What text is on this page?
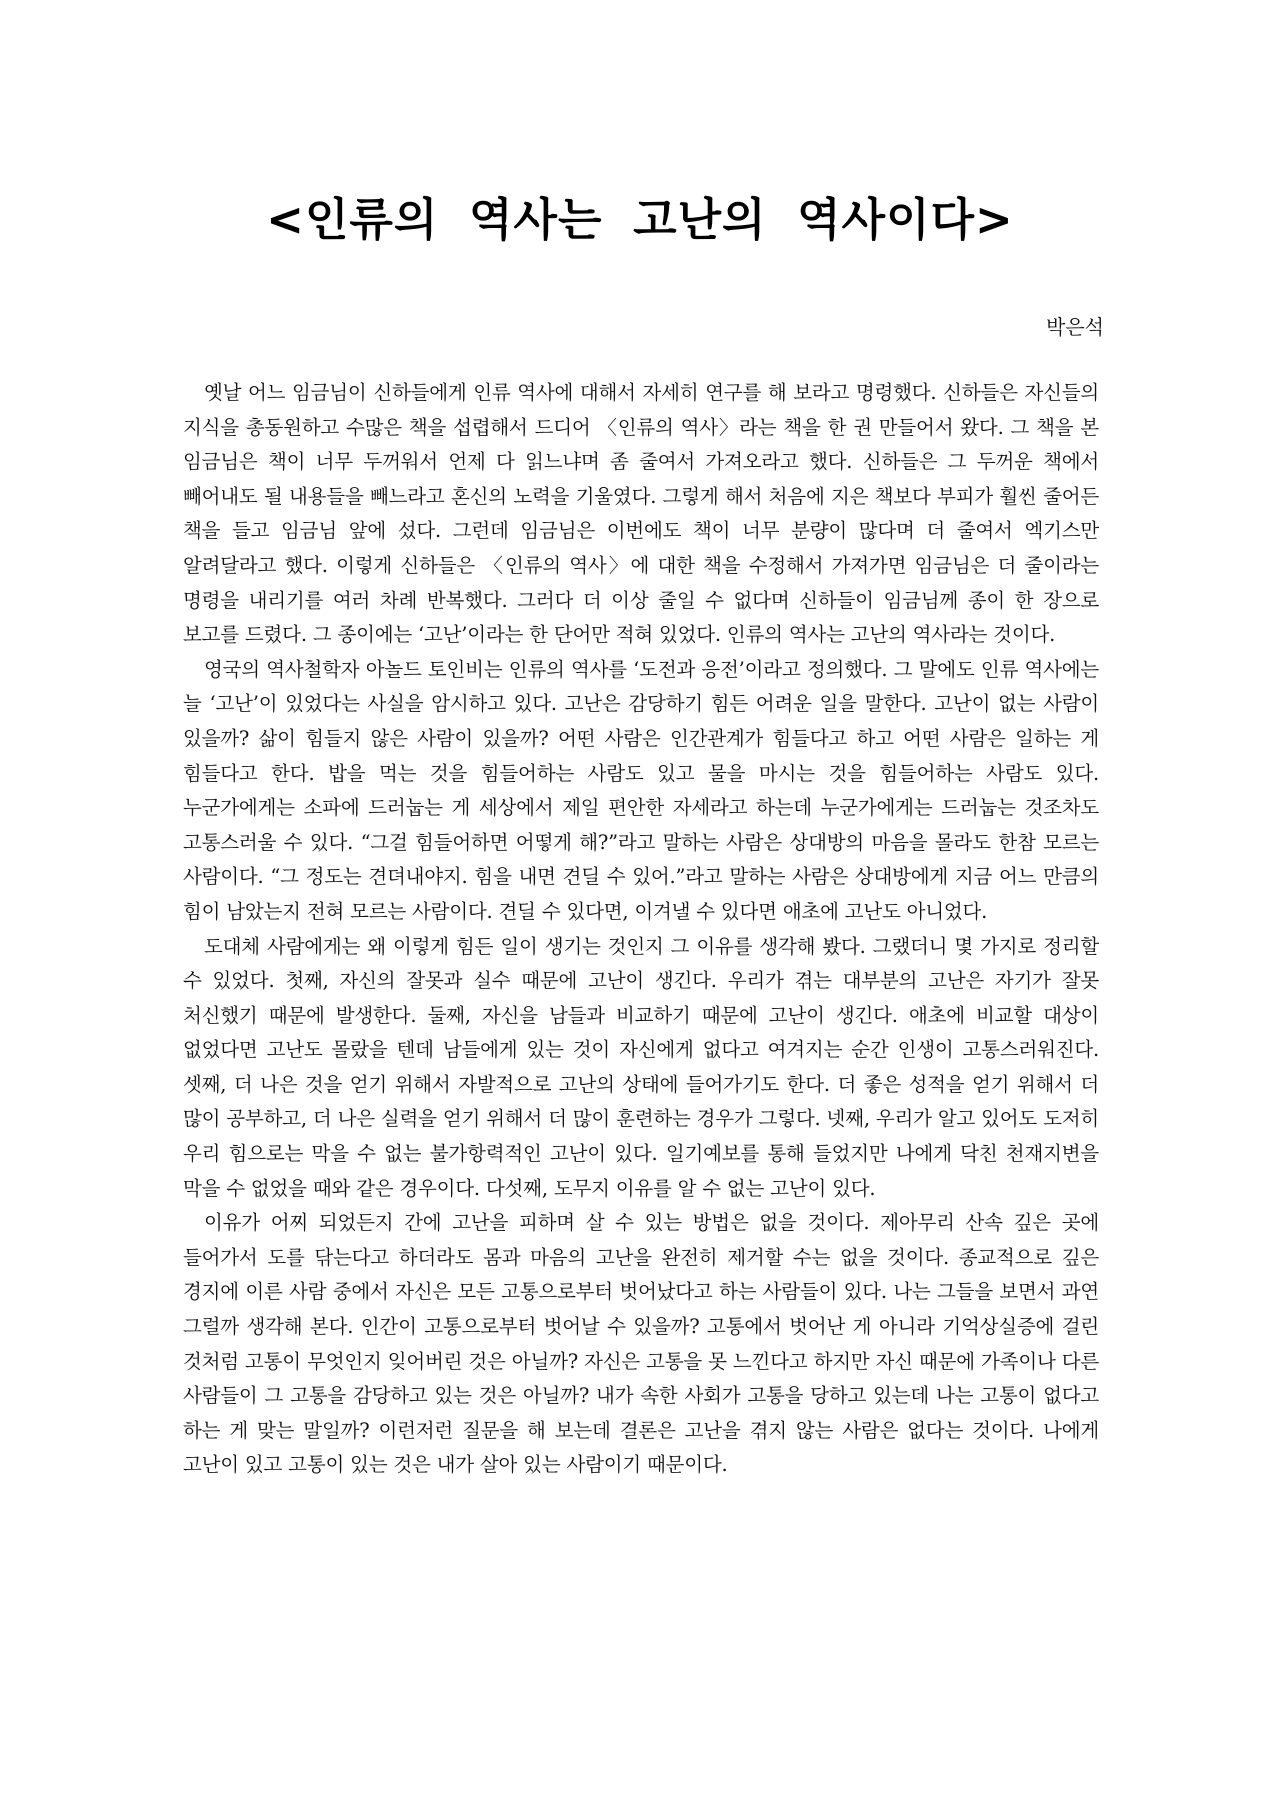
<인류의 역사는 고난의 역사이다>

박은석

옛날 어느 임금님이 신하들에게 인류 역사에 대해서 자세히 연구를 해 보라고 명령했다. 신하들은 자신들의 지식을 총동원하고 수많은 책을 섭렵해서 드디어 〈인류의 역사〉라는 책을 한 권 만들어서 왔다. 그 책을 본 임금님은 책이 너무 두꺼워서 언제 다 읽느냐며 좀 줄여서 가져오라고 했다. 신하들은 그 두꺼운 책에서 빼어내도 될 내용들을 빼느라고 혼신의 노력을 기울였다. 그렇게 해서 처음에 지은 책보다 부피가 훨씬 줄어든 책을 들고 임금님 앞에 섰다. 그런데 임금님은 이번에도 책이 너무 분량이 많다며 더 줄여서 엑기스만 알려달라고 했다. 이렇게 신하들은 〈인류의 역사〉에 대한 책을 수정해서 가져가면 임금님은 더 줄이라는 명령을 내리기를 여러 차례 반복했다. 그러다 더 이상 줄일 수 없다며 신하들이 임금님께 종이 한 장으로 보고를 드렸다. 그 종이에는 ‘고난’이라는 한 단어만 적혀 있었다. 인류의 역사는 고난의 역사라는 것이다.

영국의 역사철학자 아놀드 토인비는 인류의 역사를 ‘도전과 응전’이라고 정의했다. 그 말에도 인류 역사에는 늘 ‘고난’이 있었다는 사실을 암시하고 있다. 고난은 감당하기 힘든 어려운 일을 말한다. 고난이 없는 사람이 있을까? 삶이 힘들지 않은 사람이 있을까? 어떤 사람은 인간관계가 힘들다고 하고 어떤 사람은 일하는 게 힘들다고 한다. 밥을 먹는 것을 힘들어하는 사람도 있고 물을 마시는 것을 힘들어하는 사람도 있다. 누군가에게는 소파에 드러눕는 게 세상에서 제일 편안한 자세라고 하는데 누군가에게는 드러눕는 것조차도 고통스러울 수 있다. “그걸 힘들어하면 어떻게 해?”라고 말하는 사람은 상대방의 마음을 몰라도 한참 모르는 사람이다. “그 정도는 견뎌내야지. 힘을 내면 견딜 수 있어.”라고 말하는 사람은 상대방에게 지금 어느 만큼의 힘이 남았는지 전혀 모르는 사람이다. 견딜 수 있다면, 이겨낼 수 있다면 애초에 고난도 아니었다.

도대체 사람에게는 왜 이렇게 힘든 일이 생기는 것인지 그 이유를 생각해 봤다. 그랬더니 몇 가지로 정리할 수 있었다. 첫째, 자신의 잘못과 실수 때문에 고난이 생긴다. 우리가 겪는 대부분의 고난은 자기가 잘못 처신했기 때문에 발생한다. 둘째, 자신을 남들과 비교하기 때문에 고난이 생긴다. 애초에 비교할 대상이 없었다면 고난도 몰랐을 텐데 남들에게 있는 것이 자신에게 없다고 여겨지는 순간 인생이 고통스러워진다. 셋째, 더 나은 것을 얻기 위해서 자발적으로 고난의 상태에 들어가기도 한다. 더 좋은 성적을 얻기 위해서 더 많이 공부하고, 더 나은 실력을 얻기 위해서 더 많이 훈련하는 경우가 그렇다. 넷째, 우리가 알고 있어도 도저히 우리 힘으로는 막을 수 없는 불가항력적인 고난이 있다. 일기예보를 통해 들었지만 나에게 닥친 천재지변을 막을 수 없었을 때와 같은 경우이다. 다섯째, 도무지 이유를 알 수 없는 고난이 있다.

이유가 어찌 되었든지 간에 고난을 피하며 살 수 있는 방법은 없을 것이다. 제아무리 산속 깊은 곳에 들어가서 도를 닦는다고 하더라도 몸과 마음의 고난을 완전히 제거할 수는 없을 것이다. 종교적으로 깊은 경지에 이른 사람 중에서 자신은 모든 고통으로부터 벗어났다고 하는 사람들이 있다. 나는 그들을 보면서 과연 그럴까 생각해 본다. 인간이 고통으로부터 벗어날 수 있을까? 고통에서 벗어난 게 아니라 기억상실증에 걸린 것처럼 고통이 무엇인지 잊어버린 것은 아닐까? 자신은 고통을 못 느낀다고 하지만 자신 때문에 가족이나 다른 사람들이 그 고통을 감당하고 있는 것은 아닐까? 내가 속한 사회가 고통을 당하고 있는데 나는 고통이 없다고 하는 게 맞는 말일까? 이런저런 질문을 해 보는데 결론은 고난을 겪지 않는 사람은 없다는 것이다. 나에게 고난이 있고 고통이 있는 것은 내가 살아 있는 사람이기 때문이다.
